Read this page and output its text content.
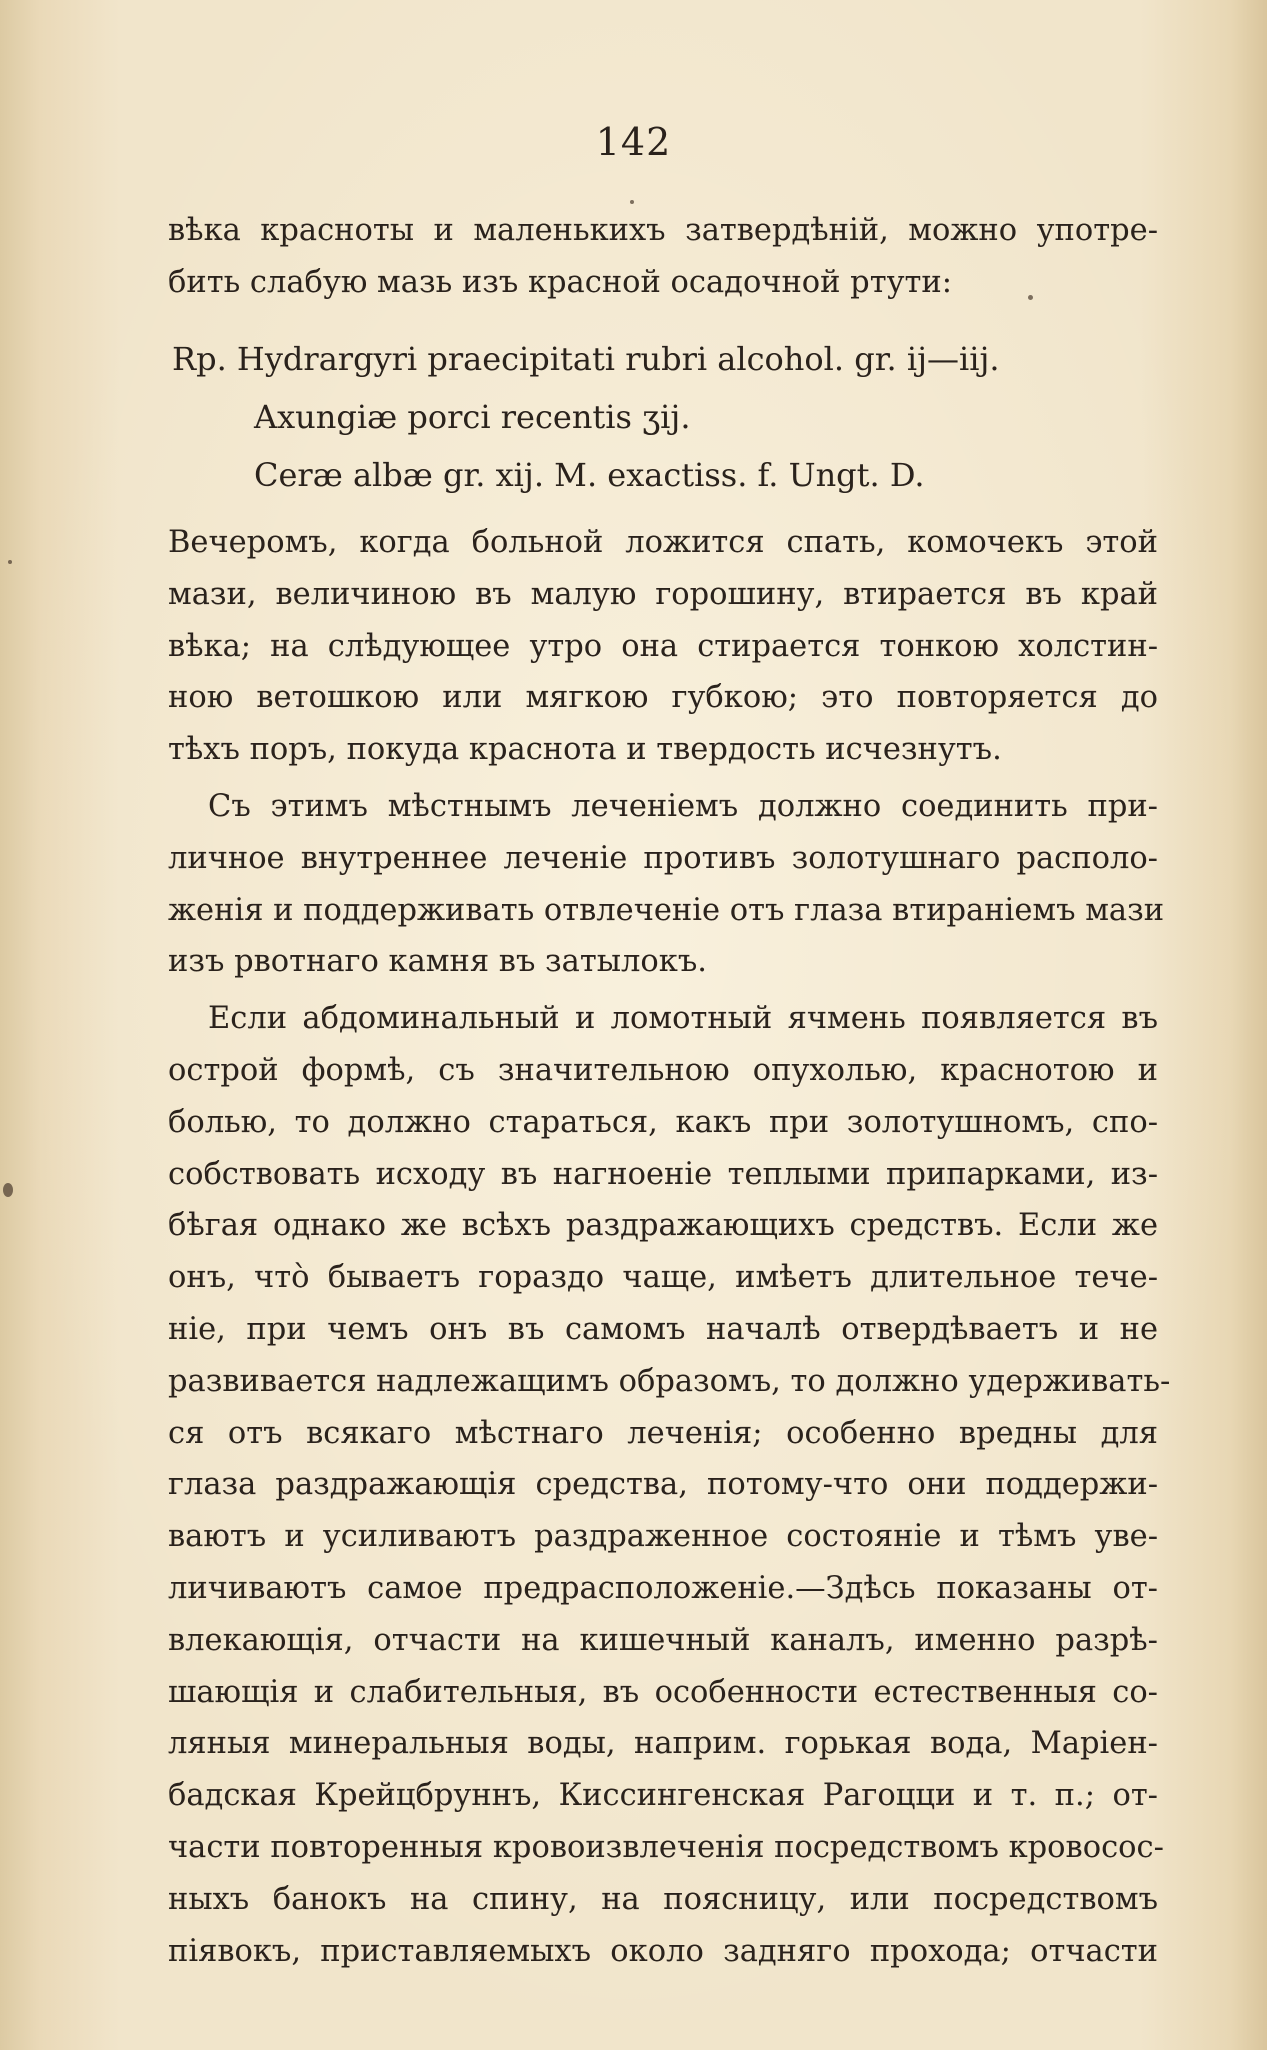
142
вѣка красноты и маленькихъ затвердѣній, можно употре-
бить слабую мазь изъ красной осадочной ртути:
Rp. Hydrargyri praecipitati rubri alcohol. gr. ij—iij.
Axungiæ porci recentis ʒij.
Ceræ albæ gr. xij. M. exactiss. f. Ungt. D.
Вечеромъ, когда больной ложится спать, комочекъ этой
мази, величиною въ малую горошину, втирается въ край
вѣка; на слѣдующее утро она стирается тонкою холстин-
ною ветошкою или мягкою губкою; это повторяется до
тѣхъ поръ, покуда краснота и твердость исчезнутъ.
Съ этимъ мѣстнымъ леченіемъ должно соединить при-
личное внутреннее леченіе противъ золотушнаго располо-
женія и поддерживать отвлеченіе отъ глаза втираніемъ мази
изъ рвотнаго камня въ затылокъ.
Если абдоминальный и ломотный ячмень появляется въ
острой формѣ, съ значительною опухолью, краснотою и
болью, то должно стараться, какъ при золотушномъ, спо-
собствовать исходу въ нагноеніе теплыми припарками, из-
бѣгая однако же всѣхъ раздражающихъ средствъ. Если же
онъ, что̀ бываетъ гораздо чаще, имѣетъ длительное тече-
ніе, при чемъ онъ въ самомъ началѣ отвердѣваетъ и не
развивается надлежащимъ образомъ, то должно удерживать-
ся отъ всякаго мѣстнаго леченія; особенно вредны для
глаза раздражающія средства, потому-что они поддержи-
ваютъ и усиливаютъ раздраженное состояніе и тѣмъ уве-
личиваютъ самое предрасположеніе.—Здѣсь показаны от-
влекающія, отчасти на кишечный каналъ, именно разрѣ-
шающія и слабительныя, въ особенности естественныя со-
ляныя минеральныя воды, наприм. горькая вода, Маріен-
бадская Крейцбруннъ, Киссингенская Рагоцци и т. п.; от-
части повторенныя кровоизвлеченія посредствомъ кровосос-
ныхъ банокъ на спину, на поясницу, или посредствомъ
піявокъ, приставляемыхъ около задняго прохода; отчасти
